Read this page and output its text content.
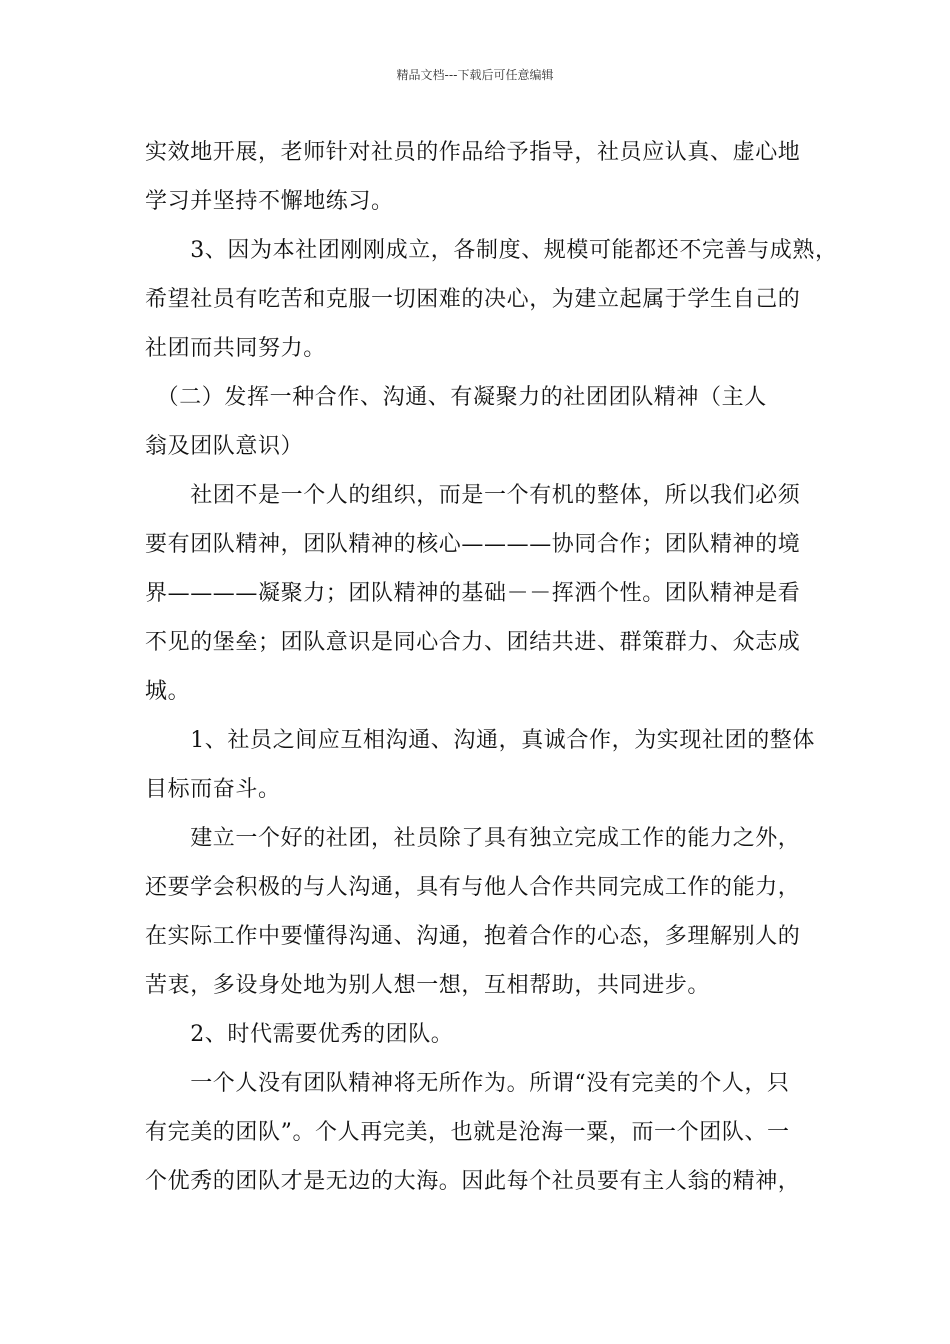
精品文档---下载后可任意编辑

实效地开展，老师针对社员的作品给予指导，社员应认真、虚心地
学习并坚持不懈地练习。

　　3、因为本社团刚刚成立，各制度、规模可能都还不完善与成熟，
希望社员有吃苦和克服一切困难的决心，为建立起属于学生自己的
社团而共同努力。

　（二）发挥一种合作、沟通、有凝聚力的社团团队精神（主人
翁及团队意识）

　　社团不是一个人的组织，而是一个有机的整体，所以我们必须
要有团队精神，团队精神的核心————协同合作；团队精神的境
界————凝聚力；团队精神的基础－－挥洒个性。团队精神是看
不见的堡垒；团队意识是同心合力、团结共进、群策群力、众志成
城。

　　1、社员之间应互相沟通、沟通，真诚合作，为实现社团的整体
目标而奋斗。

　　建立一个好的社团，社员除了具有独立完成工作的能力之外，
还要学会积极的与人沟通，具有与他人合作共同完成工作的能力，
在实际工作中要懂得沟通、沟通，抱着合作的心态，多理解别人的
苦衷，多设身处地为别人想一想，互相帮助，共同进步。

　　2、时代需要优秀的团队。

　　一个人没有团队精神将无所作为。所谓“没有完美的个人，只
有完美的团队”。个人再完美，也就是沧海一粟，而一个团队、一
个优秀的团队才是无边的大海。因此每个社员要有主人翁的精神，
